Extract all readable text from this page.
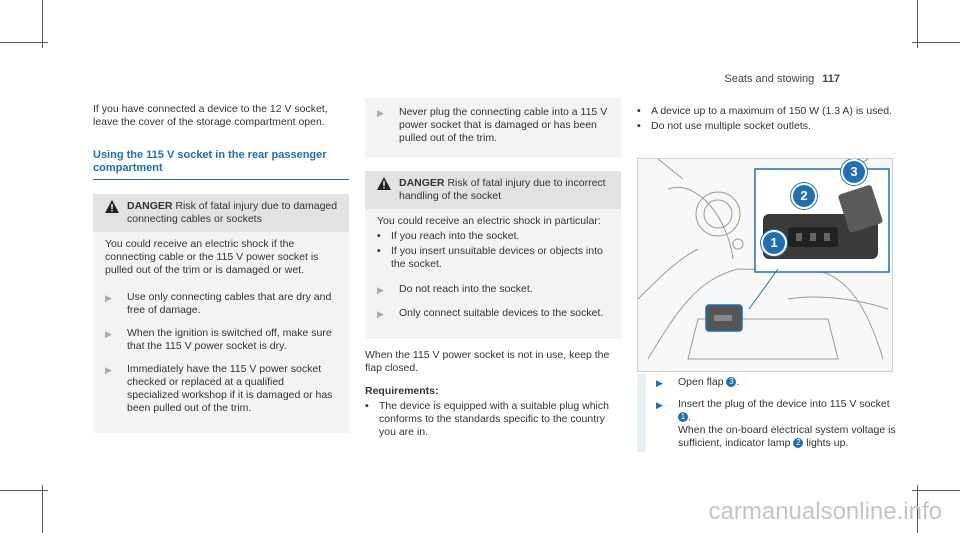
Seats and stowing 117

If you have connected a device to the 12 V socket, leave the cover of the storage compartment open.

Using the 115 V socket in the rear passenger compartment
DANGER Risk of fatal injury due to damaged connecting cables or sockets
You could receive an electric shock if the connecting cable or the 115 V power socket is pulled out of the trim or is damaged or wet.
▶	Use only connecting cables that are dry and free of damage.
▶	When the ignition is switched off, make sure that the 115 V power socket is dry.
▶	Immediately have the 115 V power socket checked or replaced at a qualified specialized workshop if it is damaged or has been pulled out of the trim.
▶	Never plug the connecting cable into a 115 V power socket that is damaged or has been pulled out of the trim.
DANGER Risk of fatal injury due to incorrect handling of the socket
You could receive an electric shock in particular:
• If you reach into the socket.
• If you insert unsuitable devices or objects into the socket.
▶	Do not reach into the socket.
▶	Only connect suitable devices to the socket.

When the 115 V power socket is not in use, keep the flap closed.

Requirements:
• The device is equipped with a suitable plug which conforms to the standards specific to the country you are in.
• A device up to a maximum of 150 W (1.3 A) is used.
• Do not use multiple socket outlets.
1
2
3
▶	Open flap 3 .
▶	Insert the plug of the device into 115 V socket 1 .
When the on-board electrical system voltage is sufficient, indicator lamp 2 lights up.
carmanualsonline.info
